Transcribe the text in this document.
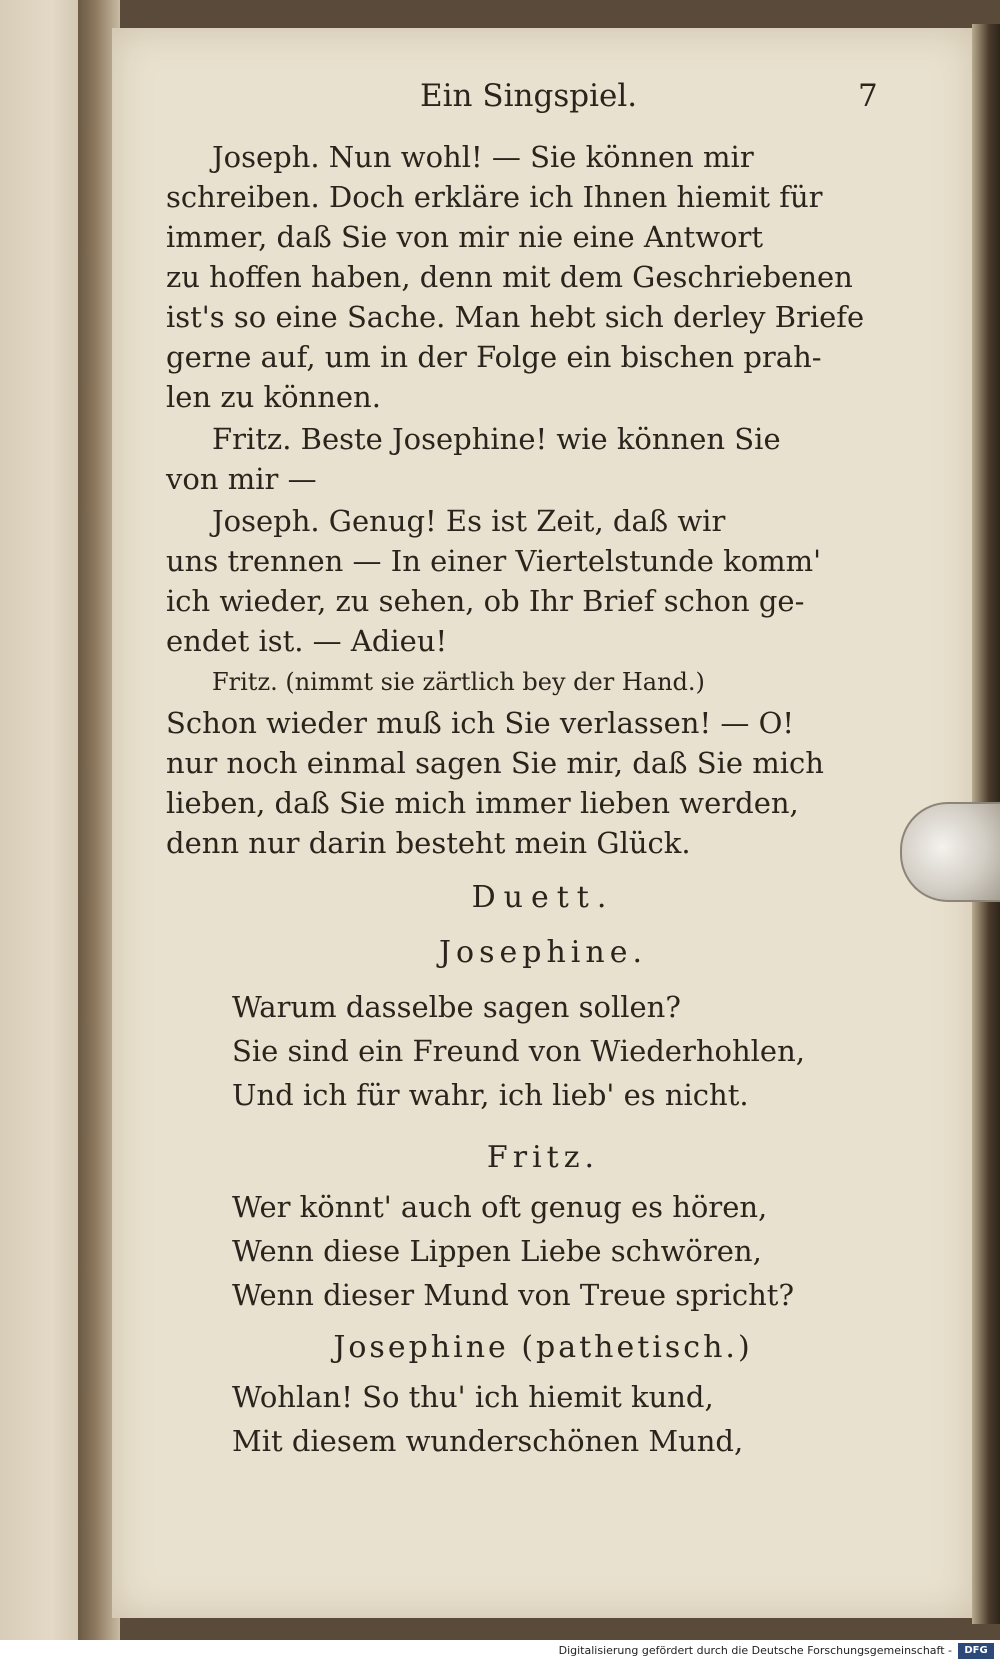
Ein Singspiel.	7
Joseph. Nun wohl! — Sie können mir
schreiben. Doch erkläre ich Ihnen hiemit für
immer, daß Sie von mir nie eine Antwort
zu hoffen haben, denn mit dem Geschriebenen
ist's so eine Sache. Man hebt sich derley Briefe
gerne auf, um in der Folge ein bischen prah-
len zu können.
Fritz. Beste Josephine! wie können Sie
von mir —
Joseph. Genug! Es ist Zeit, daß wir
uns trennen — In einer Viertelstunde komm'
ich wieder, zu sehen, ob Ihr Brief schon ge-
endet ist. — Adieu!
Fritz. (nimmt sie zärtlich bey der Hand.)
Schon wieder muß ich Sie verlassen! — O!
nur noch einmal sagen Sie mir, daß Sie mich
lieben, daß Sie mich immer lieben werden,
denn nur darin besteht mein Glück.
Duett.
Josephine.
Warum dasselbe sagen sollen?
Sie sind ein Freund von Wiederhohlen,
Und ich für wahr, ich lieb' es nicht.
Fritz.
Wer könnt' auch oft genug es hören,
Wenn diese Lippen Liebe schwören,
Wenn dieser Mund von Treue spricht?
Josephine (pathetisch.)
Wohlan! So thu' ich hiemit kund,
Mit diesem wunderschönen Mund,
Digitalisierung gefördert durch die Deutsche Forschungsgemeinschaft -	DFG
